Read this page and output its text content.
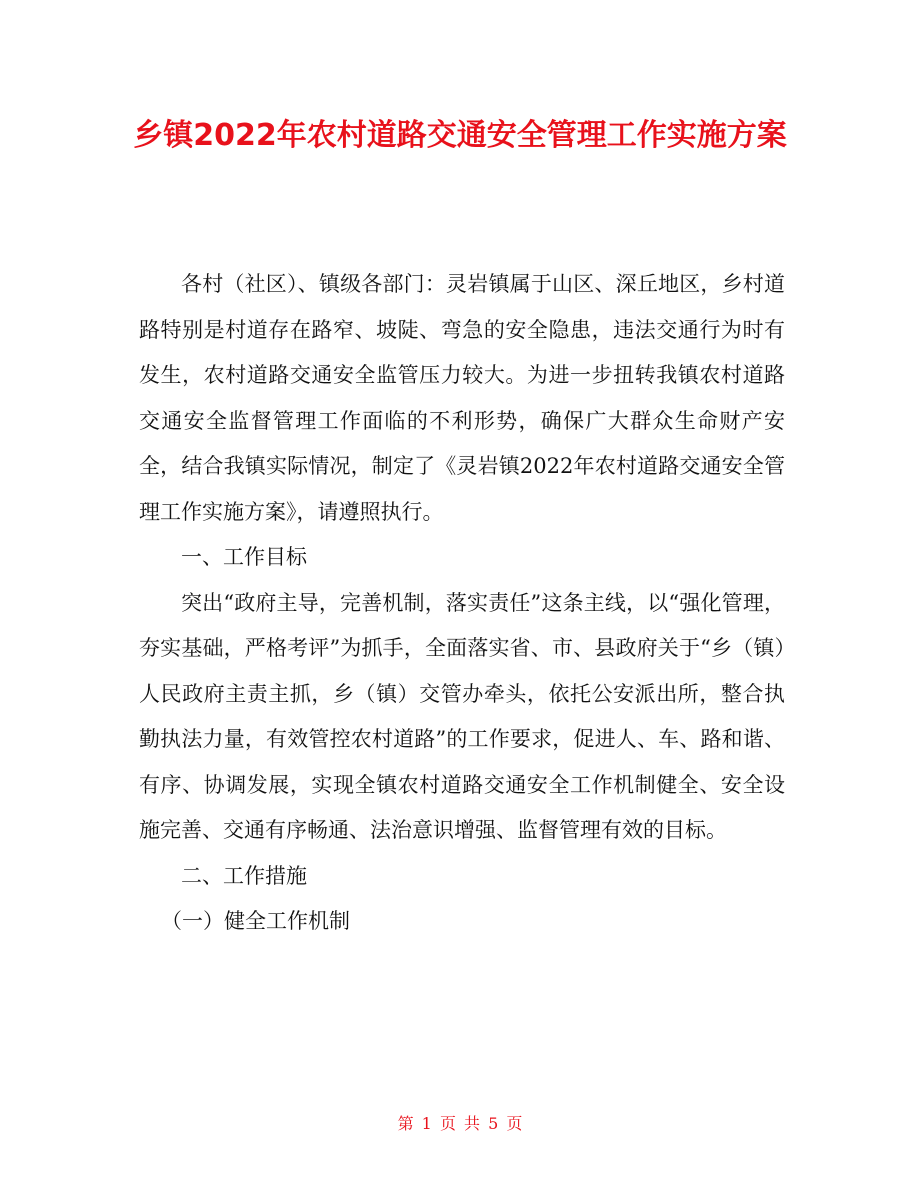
乡镇2022年农村道路交通安全管理工作实施方案

各村（社区）、镇级各部门：灵岩镇属于山区、深丘地区，乡村道路特别是村道存在路窄、坡陡、弯急的安全隐患，违法交通行为时有发生，农村道路交通安全监管压力较大。为进一步扭转我镇农村道路交通安全监督管理工作面临的不利形势，确保广大群众生命财产安全，结合我镇实际情况，制定了《灵岩镇2022年农村道路交通安全管理工作实施方案》，请遵照执行。

一、工作目标

突出“政府主导，完善机制，落实责任”这条主线，以“强化管理，夯实基础，严格考评”为抓手，全面落实省、市、县政府关于“乡（镇）人民政府主责主抓，乡（镇）交管办牵头，依托公安派出所，整合执勤执法力量，有效管控农村道路”的工作要求，促进人、车、路和谐、有序、协调发展，实现全镇农村道路交通安全工作机制健全、安全设施完善、交通有序畅通、法治意识增强、监督管理有效的目标。

二、工作措施

（一）健全工作机制

第 1 页 共 5 页
